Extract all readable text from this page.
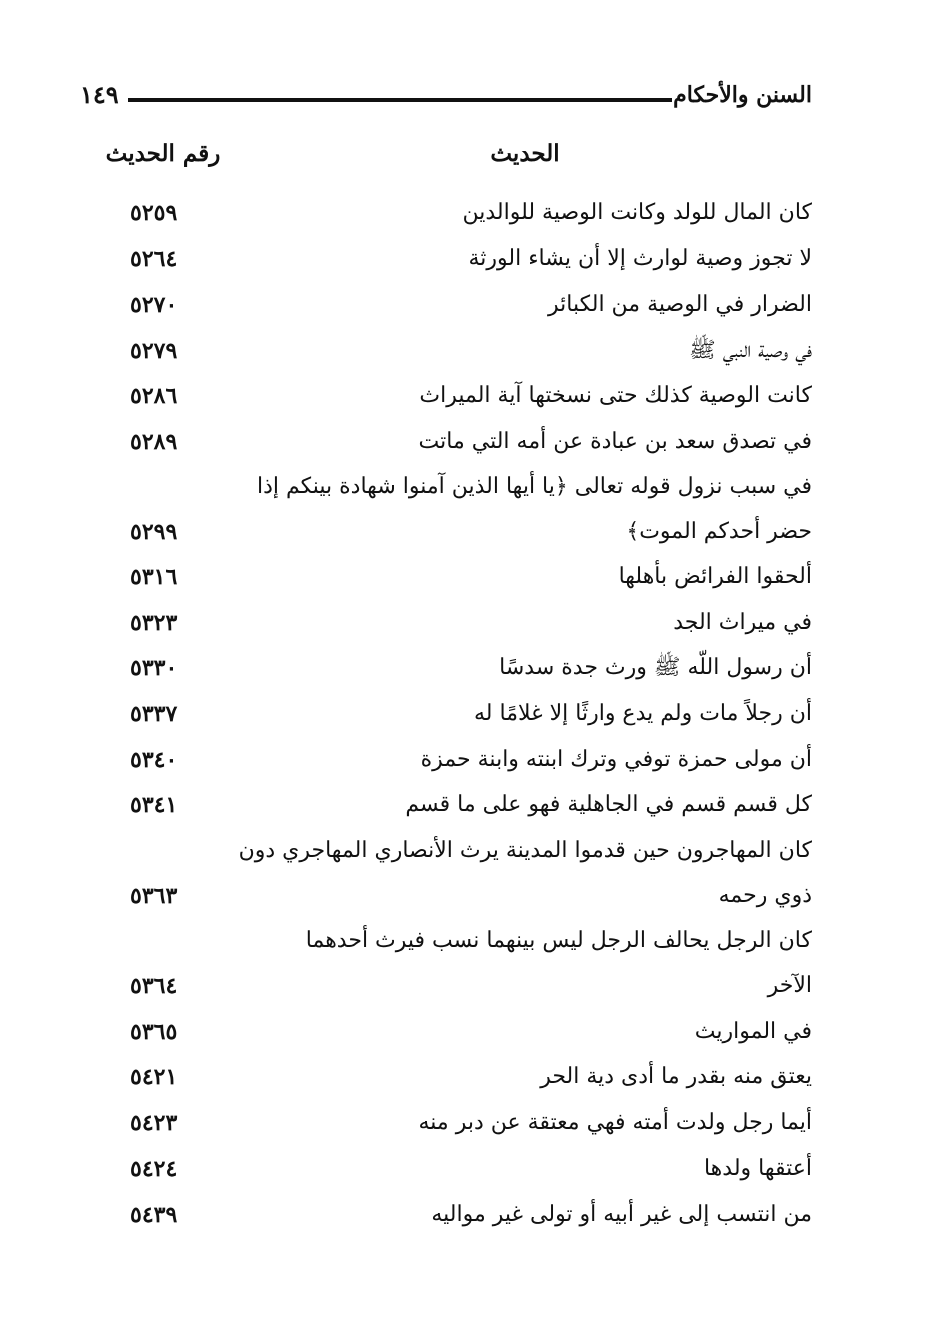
السنن والأحكام
١٤٩
الحديث
رقم الحديث
كان المال للولد وكانت الوصية للوالدين
٥٢٥٩
لا تجوز وصية لوارث إلا أن يشاء الورثة
٥٢٦٤
الضرار في الوصية من الكبائر
٥٢٧٠
في وصية النبي ﷺ
٥٢٧٩
كانت الوصية كذلك حتى نسختها آية الميراث
٥٢٨٦
في تصدق سعد بن عبادة عن أمه التي ماتت
٥٢٨٩
في سبب نزول قوله تعالى ﴿يا أيها الذين آمنوا شهادة بينكم إذا
حضر أحدكم الموت﴾
٥٢٩٩
ألحقوا الفرائض بأهلها
٥٣١٦
في ميراث الجد
٥٣٢٣
أن رسول اللّه ﷺ ورث جدة سدسًا
٥٣٣٠
أن رجلاً مات ولم يدع وارثًا إلا غلامًا له
٥٣٣٧
أن مولى حمزة توفي وترك ابنته وابنة حمزة
٥٣٤٠
كل قسم قسم في الجاهلية فهو على ما قسم
٥٣٤١
كان المهاجرون حين قدموا المدينة يرث الأنصاري المهاجري دون
ذوي رحمه
٥٣٦٣
كان الرجل يحالف الرجل ليس بينهما نسب فيرث أحدهما
الآخر
٥٣٦٤
في المواريث
٥٣٦٥
يعتق منه بقدر ما أدى دية الحر
٥٤٢١
أيما رجل ولدت أمته فهي معتقة عن دبر منه
٥٤٢٣
أعتقها ولدها
٥٤٢٤
من انتسب إلى غير أبيه أو تولى غير مواليه
٥٤٣٩
